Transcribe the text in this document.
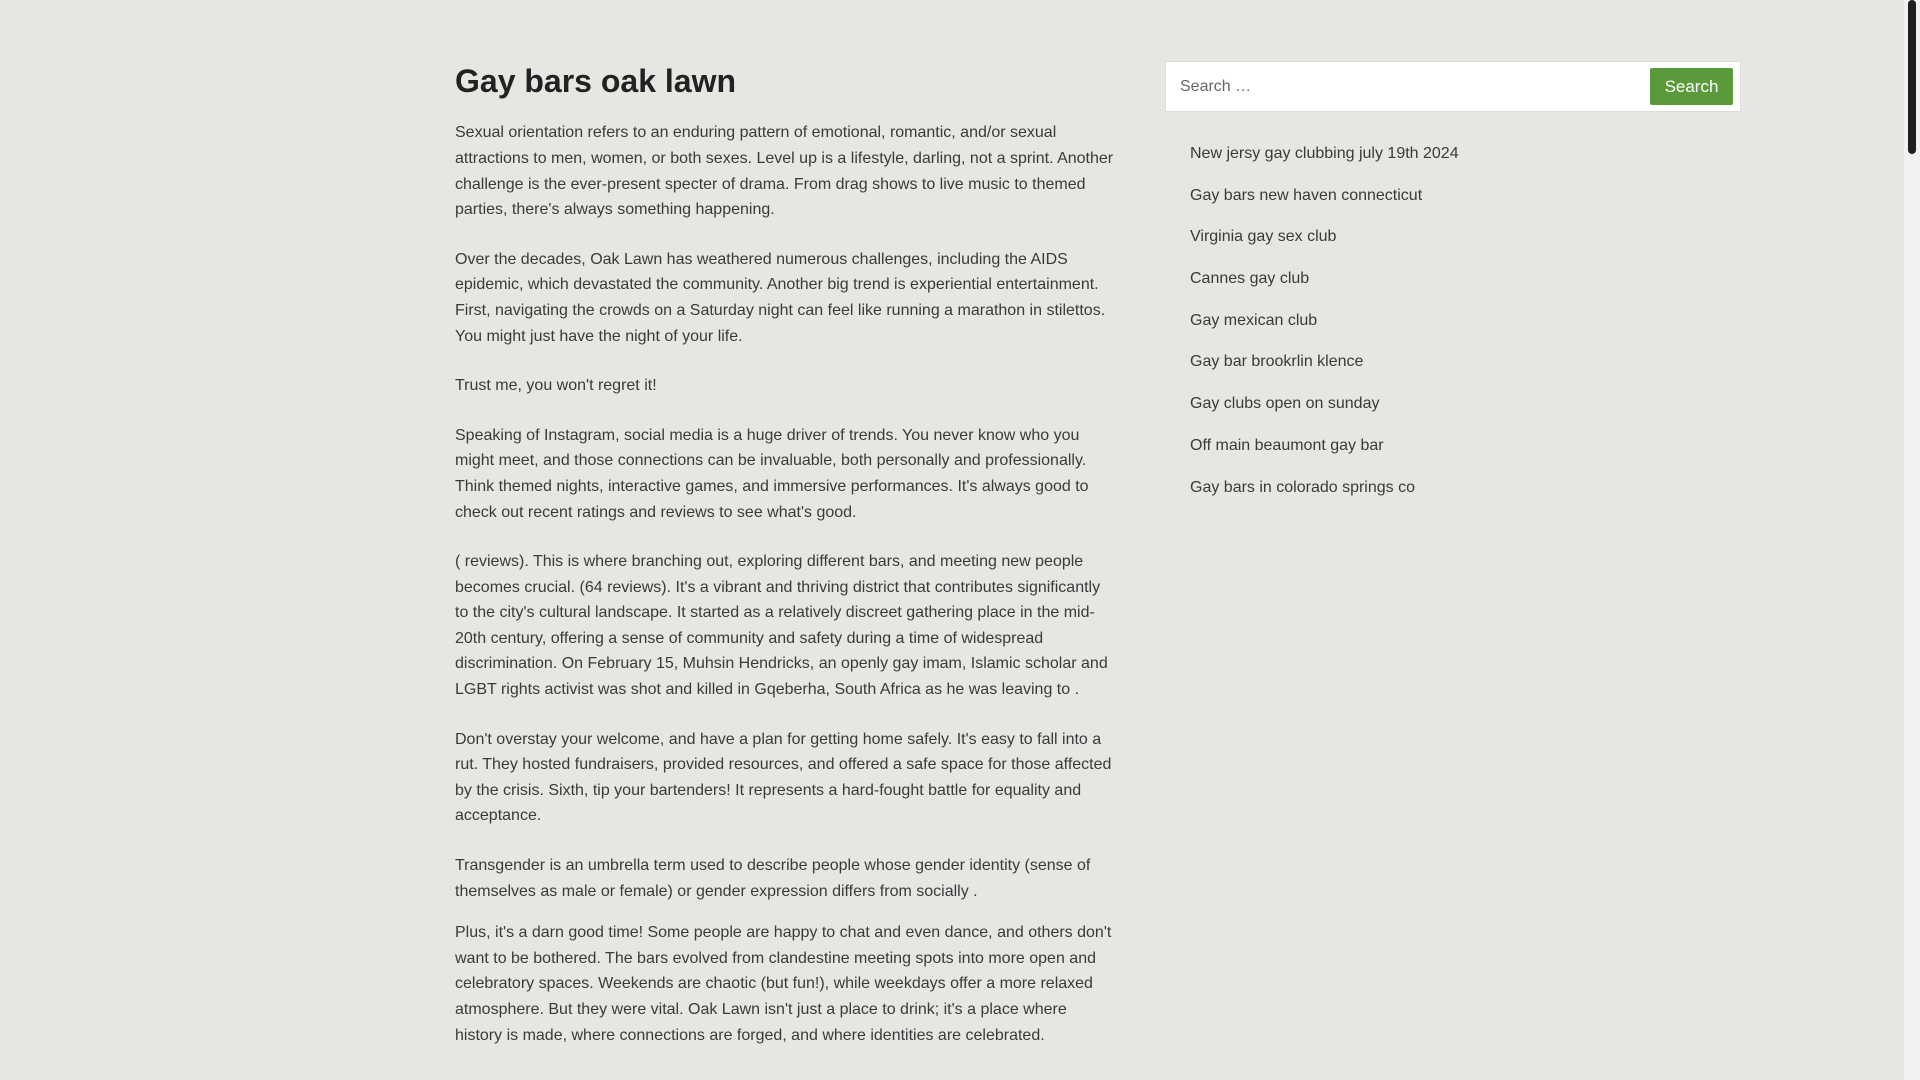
Gay bars oak lawn

Sexual orientation refers to an enduring pattern of emotional, romantic, and/or sexual attractions to men, women, or both sexes. Level up is a lifestyle, darling, not a sprint. Another challenge is the ever-present specter of drama. From drag shows to live music to themed parties, there's always something happening.

Over the decades, Oak Lawn has weathered numerous challenges, including the AIDS epidemic, which devastated the community. Another big trend is experiential entertainment. First, navigating the crowds on a Saturday night can feel like running a marathon in stilettos. You might just have the night of your life.

Trust me, you won't regret it!

Speaking of Instagram, social media is a huge driver of trends. You never know who you might meet, and those connections can be invaluable, both personally and professionally. Think themed nights, interactive games, and immersive performances. It's always good to check out recent ratings and reviews to see what's good.

( reviews). This is where branching out, exploring different bars, and meeting new people becomes crucial. (64 reviews). It's a vibrant and thriving district that contributes significantly to the city's cultural landscape. It started as a relatively discreet gathering place in the mid-20th century, offering a sense of community and safety during a time of widespread discrimination. On February 15, Muhsin Hendricks, an openly gay imam, Islamic scholar and LGBT rights activist was shot and killed in Gqeberha, South Africa as he was leaving to .

Don't overstay your welcome, and have a plan for getting home safely. It's easy to fall into a rut. They hosted fundraisers, provided resources, and offered a safe space for those affected by the crisis. Sixth, tip your bartenders! It represents a hard-fought battle for equality and acceptance.

Transgender is an umbrella term used to describe people whose gender identity (sense of themselves as male or female) or gender expression differs from socially .

Plus, it's a darn good time! Some people are happy to chat and even dance, and others don't want to be bothered. The bars evolved from clandestine meeting spots into more open and celebratory spaces. Weekends are chaotic (but fun!), while weekdays offer a more relaxed atmosphere. But they were vital. Oak Lawn isn't just a place to drink; it's a place where history is made, where connections are forged, and where identities are celebrated.

Search …
Search
New jersy gay clubbing july 19th 2024
Gay bars new haven connecticut
Virginia gay sex club
Cannes gay club
Gay mexican club
Gay bar brookrlin klence
Gay clubs open on sunday
Off main beaumont gay bar
Gay bars in colorado springs co
